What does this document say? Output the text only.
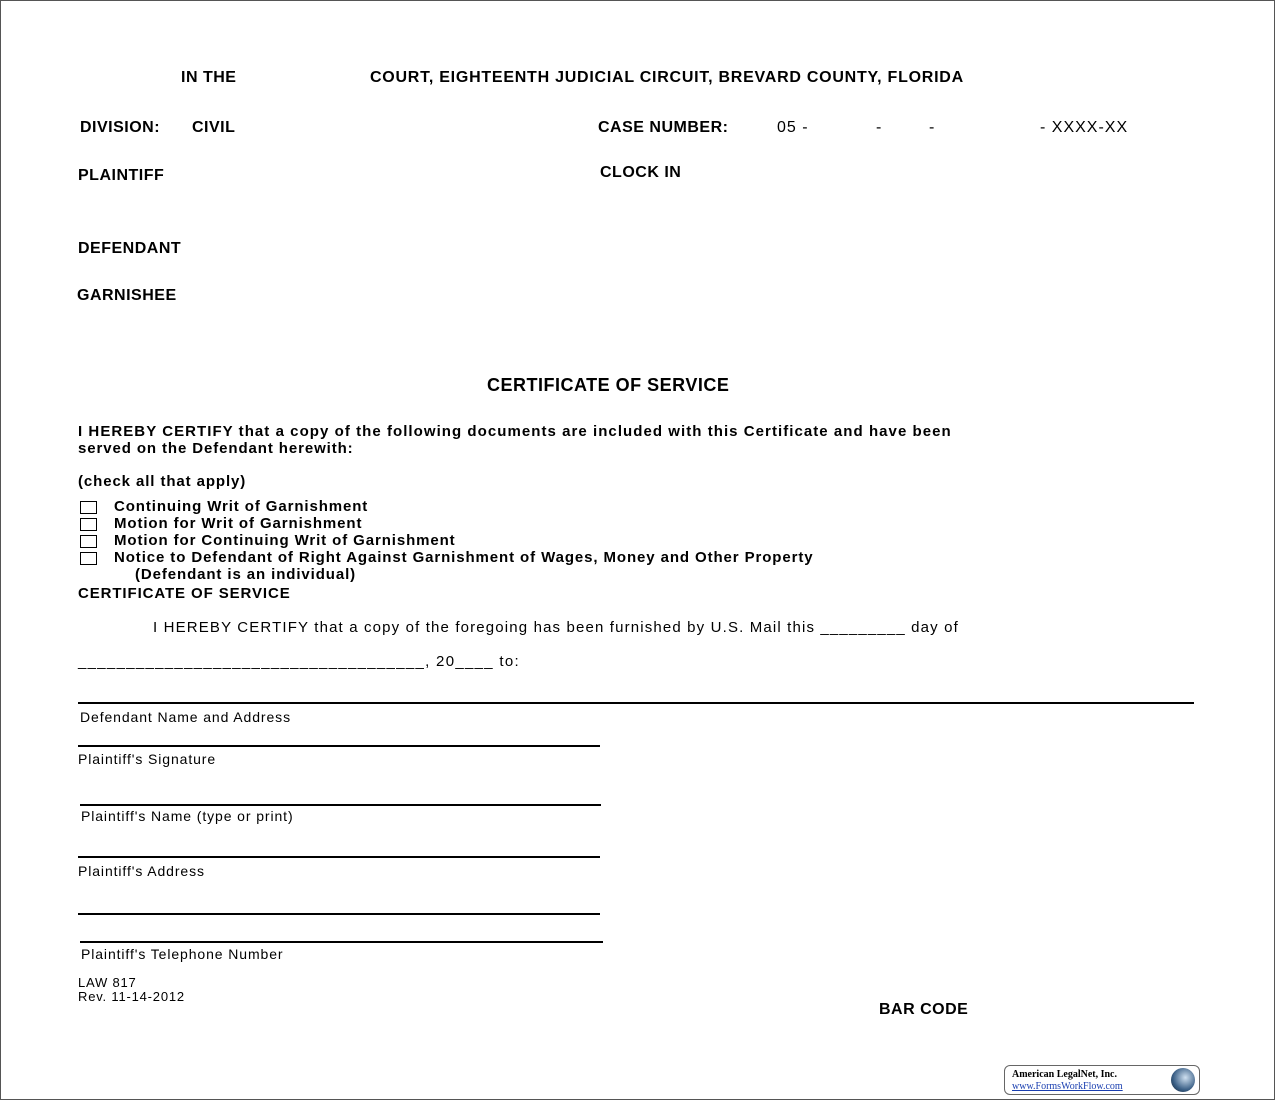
IN THE	COURT, EIGHTEENTH JUDICIAL CIRCUIT, BREVARD COUNTY, FLORIDA
DIVISION: CIVIL	CASE NUMBER:	05 -	-	-	- XXXX-XX
PLAINTIFF	CLOCK IN
DEFENDANT
GARNISHEE
CERTIFICATE OF SERVICE
I HEREBY CERTIFY that a copy of the following documents are included with this Certificate and have been
served on the Defendant herewith:
(check all that apply)
Continuing Writ of Garnishment
Motion for Writ of Garnishment
Motion for Continuing Writ of Garnishment
Notice to Defendant of Right Against Garnishment of Wages, Money and Other Property
(Defendant is an individual)
CERTIFICATE OF SERVICE
I HEREBY CERTIFY that a copy of the foregoing has been furnished by U.S. Mail this _________ day of
____________________________________, 20____ to:
Defendant Name and Address
Plaintiff's Signature
Plaintiff's Name (type or print)
Plaintiff's Address
Plaintiff's Telephone Number
LAW 817
Rev. 11-14-2012
BAR CODE
American LegalNet, Inc.
www.FormsWorkFlow.com
